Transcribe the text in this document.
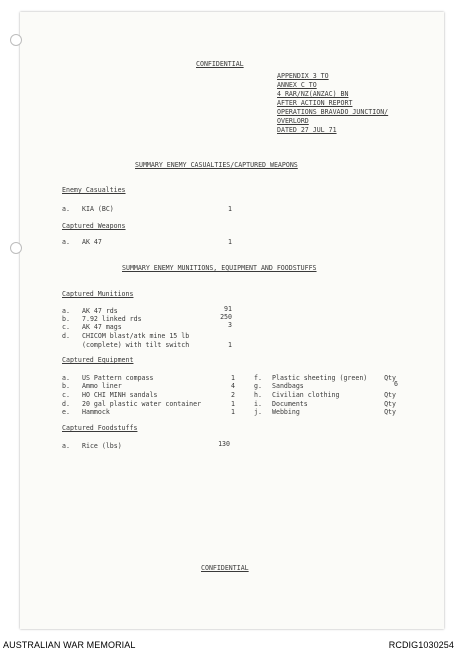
CONFIDENTIAL
APPENDIX 3 TO
ANNEX C TO
4 RAR/NZ(ANZAC) BN
AFTER ACTION REPORT
OPERATIONS BRAVADO JUNCTION/
OVERLORD
DATED 27 JUL 71
SUMMARY ENEMY CASUALTIES/CAPTURED WEAPONS
Enemy Casualties
a. KIA (BC)	1
Captured Weapons
a. AK 47	1
SUMMARY ENEMY MUNITIONS, EQUIPMENT AND FOODSTUFFS
Captured Munitions
a. AK 47 rds	91
b. 7.92 linked rds	250
c. AK 47 mags	3
d. CHICOM blast/atk mine 15 lb
(complete) with tilt switch	1
Captured Equipment
a. US Pattern compass	1
b. Ammo liner	4
c. HO CHI MINH sandals	2
d. 20 gal plastic water container	1
e. Hammock	1
f. Plastic sheeting (green)	Qty
g. Sandbags	6
h. Civilian clothing	Qty
i. Documents	Qty
j. Webbing	Qty
Captured Foodstuffs
a. Rice (lbs)	130
CONFIDENTIAL
AUSTRALIAN WAR MEMORIAL	RCDIG1030254
